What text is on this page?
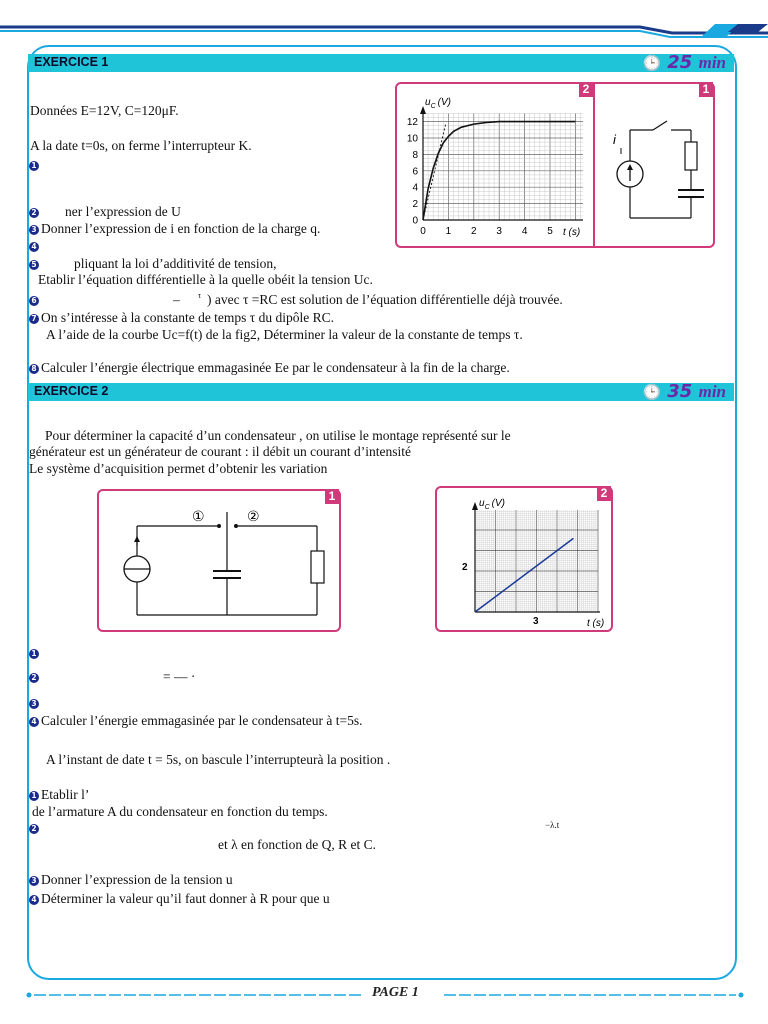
EXERCICE 1	🕒 25 min
Données E=12V, C=120μF.
A la date t=0s, on ferme l’interrupteur K.
1
2 ner l’expression de U
3 Donner l’expression de i en fonction de la charge q.
4
5	pliquant la loi d’additivité de tension,
Etablir l’équation différentielle à la quelle obéit la tension Uc.
6	– τ ) avec τ =RC est solution de l’équation différentielle déjà trouvée.
7 On s’intéresse à la constante de temps τ du dipôle RC.
A l’aide de la courbe Uc=f(t) de la fig2, Déterminer la valeur de la constante de temps τ.
8 Calculer l’énergie électrique emmagasinée Ee par le condensateur à la fin de la charge.
2
12
10
8
6
4
2
0
0 1 2 3 4 5
$u_C$ (V)
t (s)
1
i
EXERCICE 2	🕒 35 min
Pour déterminer la capacité d’un condensateur , on utilise le montage représenté sur le
générateur est un générateur de courant : il débit un courant d’intensité
Le système d’acquisition permet d’obtenir les variation
1
①	②
2
2
3
$u_C$ (V)
t (s)
1
2	= — ·
3
4 Calculer l’énergie emmagasinée par le condensateur à t=5s.
A l’instant de date t = 5s, on bascule l’interrupteurà la position .
1 Etablir l’
de l’armature A du condensateur en fonction du temps.
2	−λ.t
et λ en fonction de Q, R et C.
3 Donner l’expression de la tension u
4 Déterminer la valeur qu’il faut donner à R pour que u
PAGE 1
